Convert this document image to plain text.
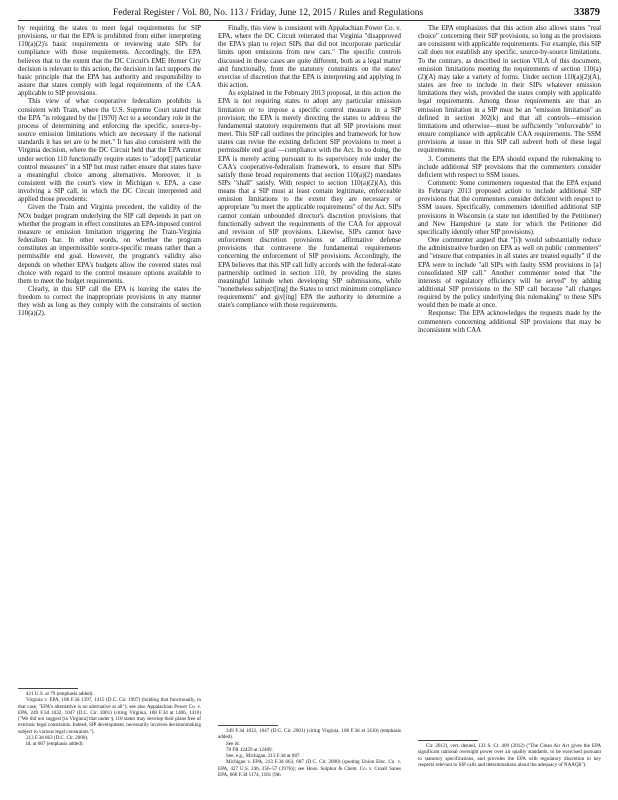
Federal Register / Vol. 80, No. 113 / Friday, June 12, 2015 / Rules and Regulations	33879

by requiring the states to meet legal requirements for SIP provisions, or that the EPA is prohibited from either interpreting 110(a)(2)'s basic requirements or reviewing state SIPs for compliance with those requirements. Accordingly, the EPA believes that to the extent that the DC Circuit's EME Homer City decision is relevant to this action, the decision in fact supports the basic principle that the EPA has authority and responsibility to assure that states comply with legal requirements of the CAA applicable to SIP provisions.

This view of what cooperative federalism prohibits is consistent with Train, where the U.S. Supreme Court stated that the EPA "is relegated by the [1970] Act to a secondary role in the process of determining and enforcing the specific, source-by-source emission limitations which are necessary if the national standards it has set are to be met." It has also consistent with the Virginia decision, where the DC Circuit held that the EPA cannot under section 110 functionally require states to "adopt[] particular control measures" in a SIP but must rather ensure that states have a meaningful choice among alternatives. Moreover, it is consistent with the court's view in Michigan v. EPA, a case involving a SIP call, in which the DC Circuit interpreted and applied those precedents:

Given the Train and Virginia precedent, the validity of the NOx budget program underlying the SIP call depends in part on whether the program in effect constitutes an EPA-imposed control measure or emission limitation triggering the Train-Virginia federalism bar. In other words, on whether the program constitutes an impermissible source-specific means rather than a permissible end goal. However, the program's validity also depends on whether EPA's budgets allow the covered states real choice with regard to the control measure options available to them to meet the budget requirements.

Clearly, in this SIP call the EPA is leaving the states the freedom to correct the inappropriate provisions in any manner they wish as long as they comply with the constraints of section 110(a)(2).

421 U.S. at 79 (emphasis added).

Virginia v. EPA, 108 F.3d 1397, 1415 (D.C. Cir. 1997) (holding that functionally, in that case, "EPA's alternative is no alternative at all"); see also Appalachian Power Co. v. EPA, 249 F.3d 1032, 1047 (D.C. Cir. 2001) (citing Virginia, 108 F.3d at 1406, 1410) ("We did not suggest [in Virginia] that under § 110 states may develop their plans free of extrinsic legal constraints. Indeed, SIP development, necessarily involves decisionmaking subject to various legal constraints.").

213 F.3d 663 (D.C. Cir. 2000).

Id. at 687 (emphasis added).

Finally, this view is consistent with Appalachian Power Co. v. EPA, where the DC Circuit reiterated that Virginia "disapproved the EPA's plan to reject SIPs that did not incorporate particular limits upon emissions from new cars." The specific controls discussed in these cases are quite different, both as a legal matter and functionally, from the statutory constraints on the states' exercise of discretion that the EPA is interpreting and applying in this action.

As explained in the February 2013 proposal, in this action the EPA is not requiring states to adopt any particular emission limitation or to impose a specific control measure in a SIP provision; the EPA is merely directing the states to address the fundamental statutory requirements that all SIP provisions must meet. This SIP call outlines the principles and framework for how states can revise the existing deficient SIP provisions to meet a permissible end goal —compliance with the Act. In so doing, the EPA is merely acting pursuant to its supervisory role under the CAA's cooperative-federalism framework, to ensure that SIPs satisfy those broad requirements that section 110(a)(2) mandates SIPs "shall" satisfy. With respect to section 110(a)(2)(A), this means that a SIP must at least contain legitimate, enforceable emission limitations to the extent they are necessary or appropriate "to meet the applicable requirements" of the Act. SIPs cannot contain unbounded director's discretion provisions that functionally subvert the requirements of the CAA for approval and revision of SIP provisions. Likewise, SIPs cannot have enforcement discretion provisions or affirmative defense provisions that contravene the fundamental requirements concerning the enforcement of SIP provisions. Accordingly, the EPA believes that this SIP call fully accords with the federal-state partnership outlined in section 110, by providing the states meaningful latitude when developing SIP submissions, while "nonetheless subject[ing] the States to strict minimum compliance requirements" and giv[ing] EPA the authority to determine a state's compliance with those requirements.

249 F.3d 1032, 1047 (D.C. Cir. 2001) (citing Virginia, 108 F.3d at 1410) (emphasis added).

See id.

78 FR 12459 at 12489.

See, e.g., Michigan, 213 F.3d at 687.

Michigan v. EPA, 213 F.3d 663, 687 (D.C. Cir. 2000) (quoting Union Elec. Co. v. EPA, 427 U.S. 246, 256–57 (1976)); see Hous. Sulphur & Chem. Co. v. Croall Sanes EPA, 666 F.3d 1174, 1181 (9th

The EPA emphasizes that this action also allows states "real choice" concerning their SIP provisions, so long as the provisions are consistent with applicable requirements. For example, this SIP call does not establish any specific, source-by-source limitations. To the contrary, as described in section VII.A of this document, emission limitations meeting the requirements of section 110(a)(2)(A) may take a variety of forms. Under section 110(a)(2)(A), states are free to include in their SIPs whatever emission limitations they wish, provided the states comply with applicable legal requirements. Among those requirements are that an emission limitation in a SIP must be an "emission limitation" as defined in section 302(k) and that all controls—emission limitations and otherwise—must be sufficiently "enforceable" to ensure compliance with applicable CAA requirements. The SSM provisions at issue in this SIP call subvert both of these legal requirements.

3. Comments that the EPA should expand the rulemaking to include additional SIP provisions that the commenters consider deficient with respect to SSM issues.

Comment: Some commenters requested that the EPA expand its February 2013 proposed action to include additional SIP provisions that the commenters consider deficient with respect to SSM issues. Specifically, commenters identified additional SIP provisions in Wisconsin (a state not identified by the Petitioner) and New Hampshire (a state for which the Petitioner did specifically identify other SIP provisions).

One commenter argued that "[i]t would substantially reduce the administrative burden on EPA as well on public commenters" and "ensure that companies in all states are treated equally" if the EPA were to include "all SIPs with faulty SSM provisions in [a] consolidated SIP call." Another commenter noted that "the interests of regulatory efficiency will be served" by adding additional SIP provisions to the SIP call because "all changes required by the policy underlying this rulemaking" to these SIPs would then be made at once.

Response: The EPA acknowledges the requests made by the commenters concerning additional SIP provisions that may be inconsistent with CAA

Cir. 2012), cert. denied, 133 S. Ct. 409 (2012) ("The Clean Air Act gives the EPA significant national oversight power over air quality standards, to be exercised pursuant to statutory specifications, and provides the EPA with regulatory discretion in key respects relevant to SIP calls and determinations about the adequacy of NAAQS").
